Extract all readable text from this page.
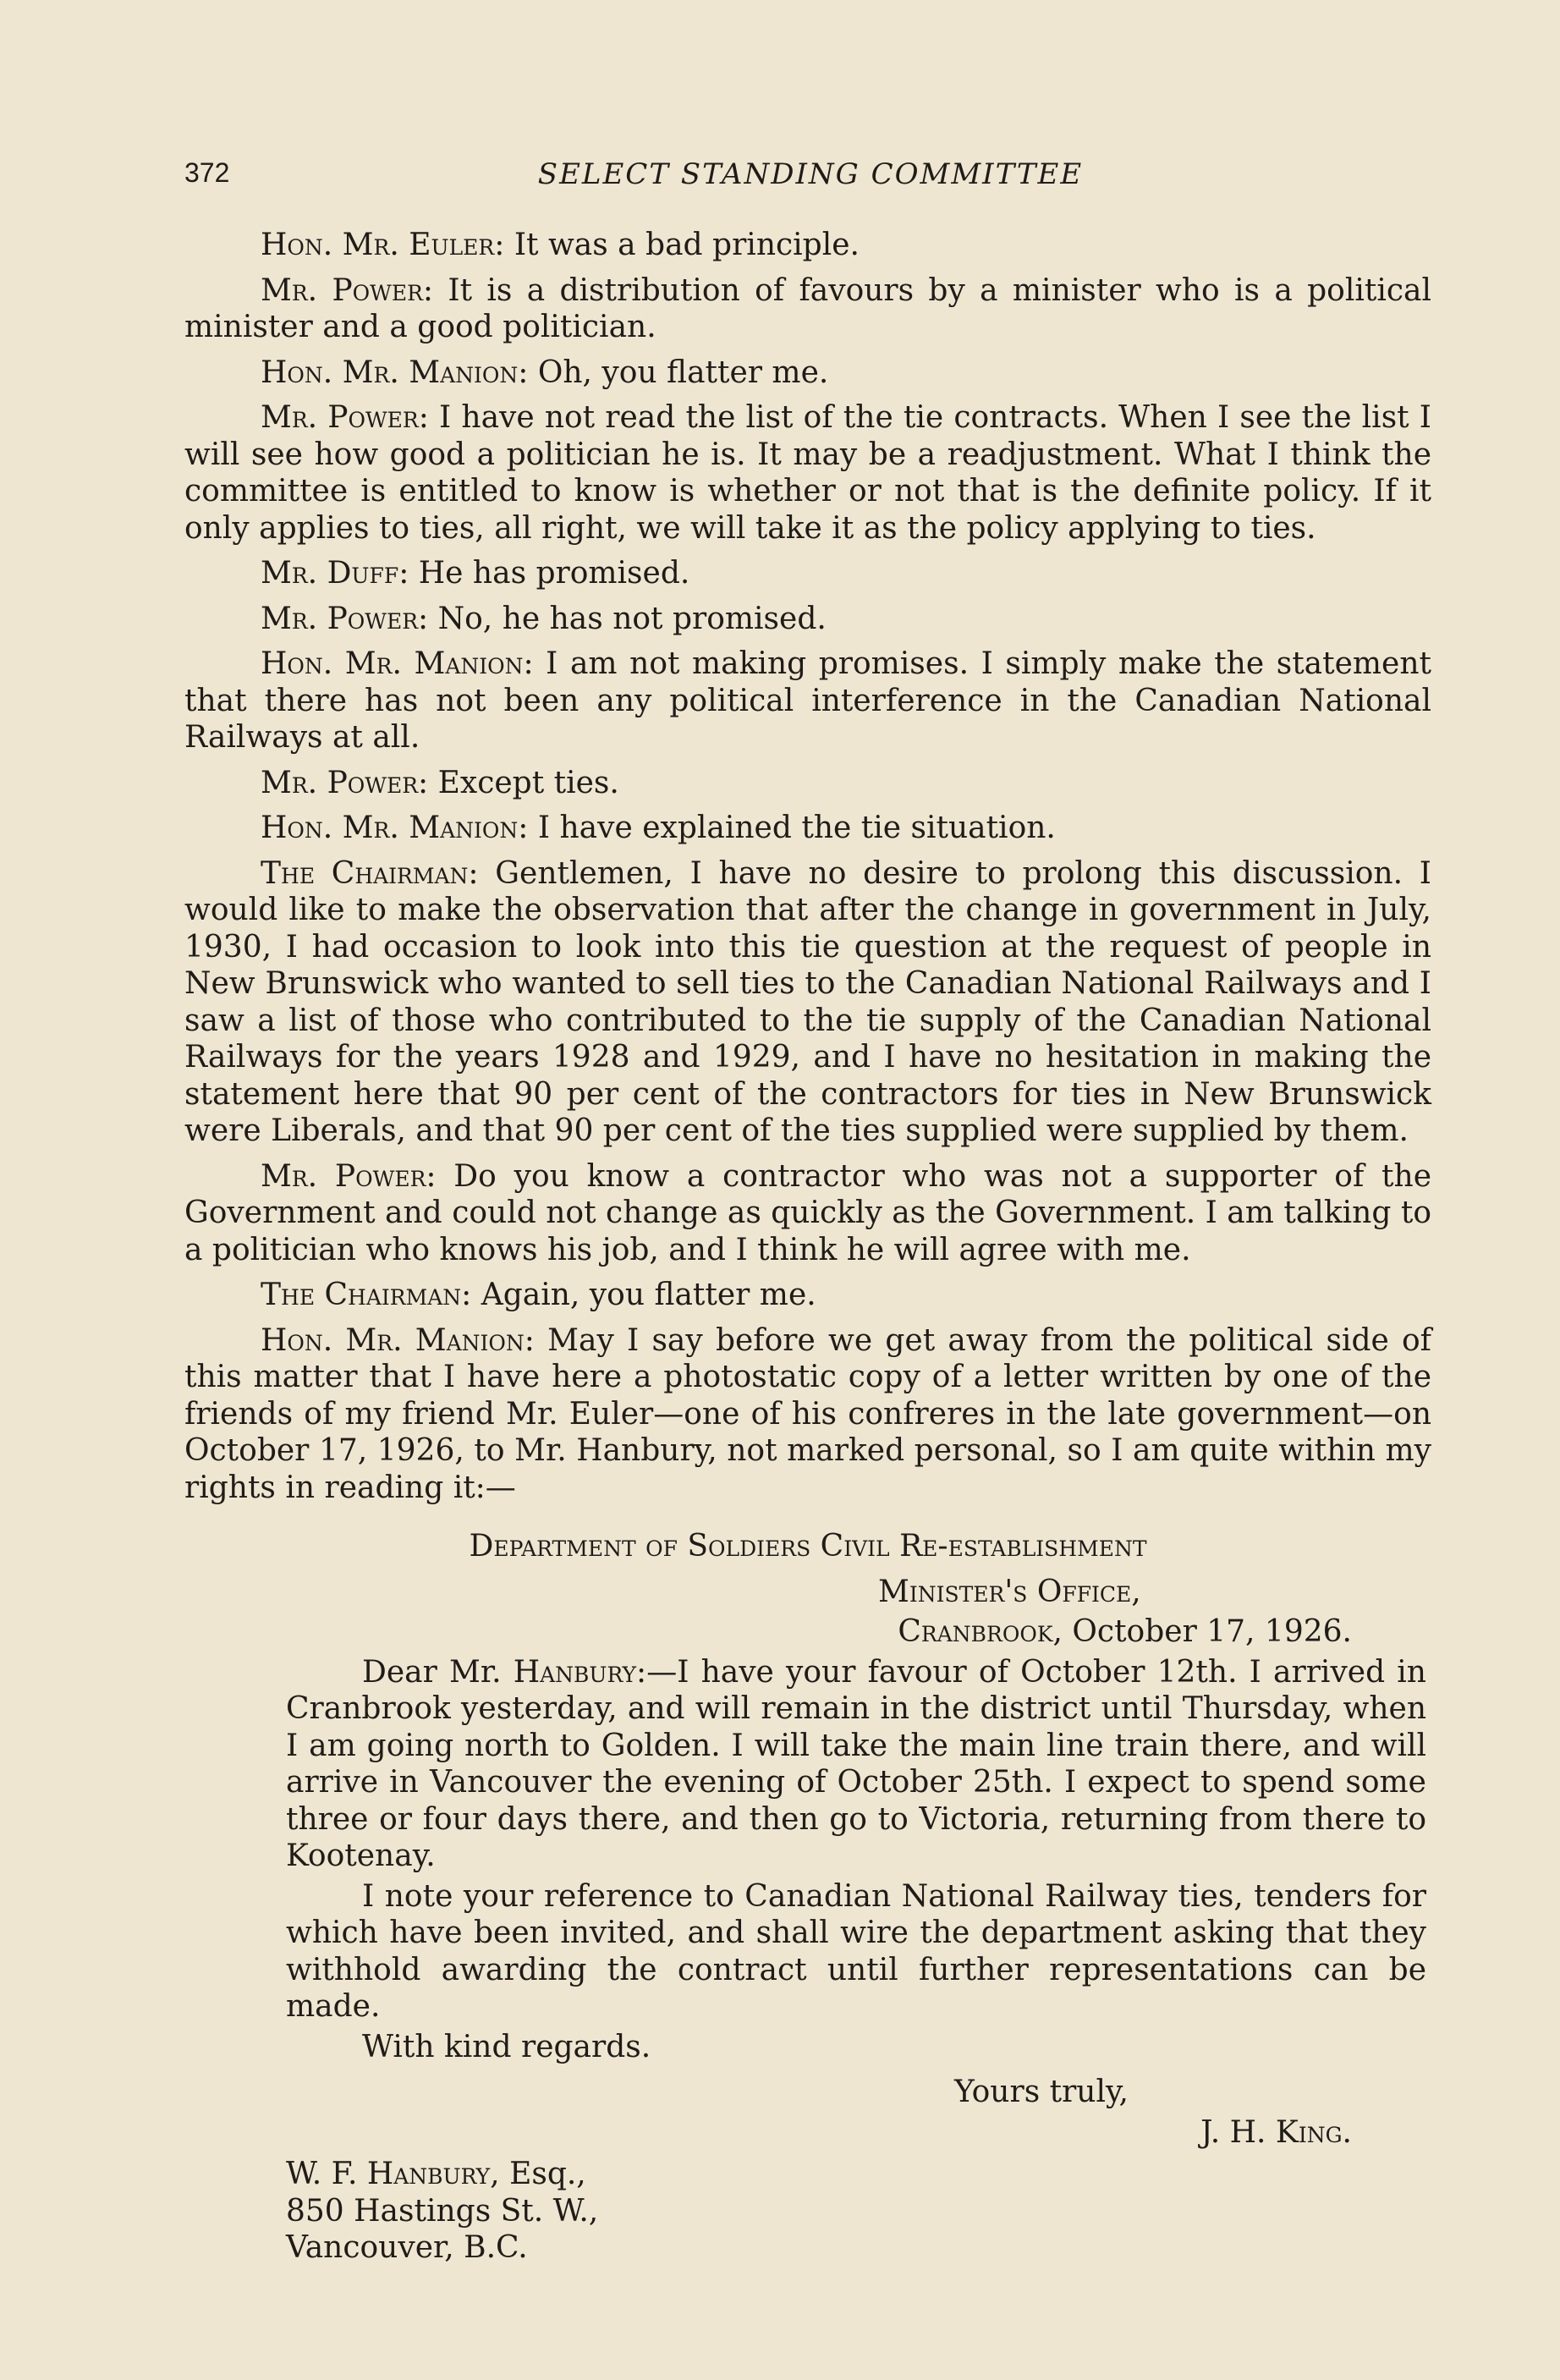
372	SELECT STANDING COMMITTEE

Hon. Mr. Euler: It was a bad principle.

Mr. Power: It is a distribution of favours by a minister who is a political minister and a good politician.

Hon. Mr. Manion: Oh, you flatter me.

Mr. Power: I have not read the list of the tie contracts. When I see the list I will see how good a politician he is. It may be a readjustment. What I think the committee is entitled to know is whether or not that is the definite policy. If it only applies to ties, all right, we will take it as the policy applying to ties.

Mr. Duff: He has promised.

Mr. Power: No, he has not promised.

Hon. Mr. Manion: I am not making promises. I simply make the statement that there has not been any political interference in the Canadian National Railways at all.

Mr. Power: Except ties.

Hon. Mr. Manion: I have explained the tie situation.

The Chairman: Gentlemen, I have no desire to prolong this discussion. I would like to make the observation that after the change in government in July, 1930, I had occasion to look into this tie question at the request of people in New Brunswick who wanted to sell ties to the Canadian National Railways and I saw a list of those who contributed to the tie supply of the Canadian National Railways for the years 1928 and 1929, and I have no hesitation in making the statement here that 90 per cent of the contractors for ties in New Brunswick were Liberals, and that 90 per cent of the ties supplied were supplied by them.

Mr. Power: Do you know a contractor who was not a supporter of the Government and could not change as quickly as the Government. I am talking to a politician who knows his job, and I think he will agree with me.

The Chairman: Again, you flatter me.

Hon. Mr. Manion: May I say before we get away from the political side of this matter that I have here a photostatic copy of a letter written by one of the friends of my friend Mr. Euler—one of his confreres in the late government—on October 17, 1926, to Mr. Hanbury, not marked personal, so I am quite within my rights in reading it:—

Department of Soldiers Civil Re-establishment

Minister's Office,

Cranbrook, October 17, 1926.

Dear Mr. Hanbury:—I have your favour of October 12th. I arrived in Cranbrook yesterday, and will remain in the district until Thursday, when I am going north to Golden. I will take the main line train there, and will arrive in Vancouver the evening of October 25th. I expect to spend some three or four days there, and then go to Victoria, returning from there to Kootenay.

I note your reference to Canadian National Railway ties, tenders for which have been invited, and shall wire the department asking that they withhold awarding the contract until further representations can be made.

With kind regards.

Yours truly,

J. H. King.

W. F. Hanbury, Esq.,
850 Hastings St. W.,
Vancouver, B.C.
